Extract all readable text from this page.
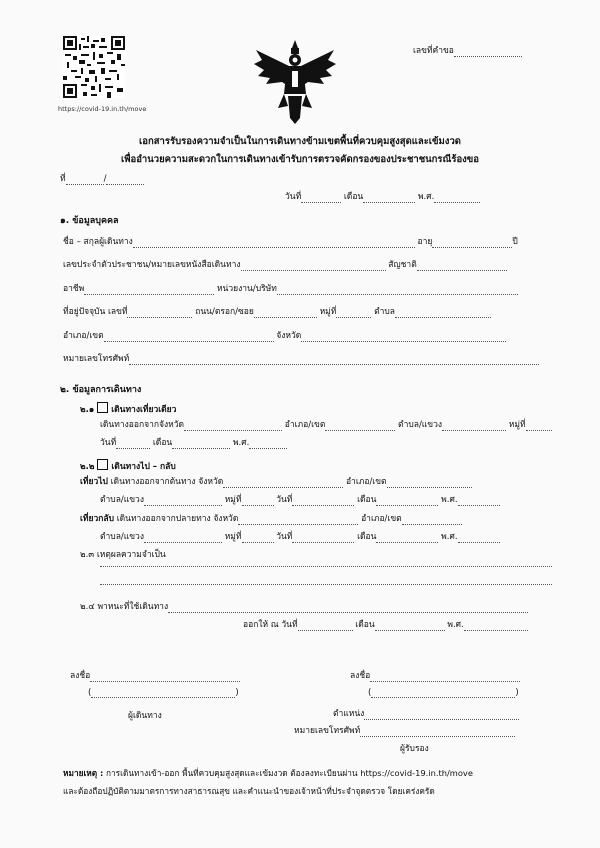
https://covid-19.in.th/move
เลขที่คำขอ
เอกสารรับรองความจำเป็นในการเดินทางข้ามเขตพื้นที่ควบคุมสูงสุดและเข้มงวด
เพื่ออำนวยความสะดวกในการเดินทางเข้ารับการตรวจคัดกรองของประชาชนกรณีร้องขอ
ที่	/
วันที่	เดือน	พ.ศ.
๑. ข้อมูลบุคคล
ชื่อ – สกุลผู้เดินทาง	อายุ	ปี
เลขประจำตัวประชาชน/หมายเลขหนังสือเดินทาง	สัญชาติ
อาชีพ	หน่วยงาน/บริษัท
ที่อยู่ปัจจุบัน เลขที่	ถนน/ตรอก/ซอย	หมู่ที่	ตำบล
อำเภอ/เขต	จังหวัด
หมายเลขโทรศัพท์
๒. ข้อมูลการเดินทาง
๒.๑ เดินทางเที่ยวเดียว
เดินทางออกจากจังหวัด	อำเภอ/เขต	ตำบล/แขวง	หมู่ที่
วันที่	เดือน	พ.ศ.
๒.๒ เดินทางไป – กลับ
เที่ยวไป เดินทางออกจากต้นทาง จังหวัด	อำเภอ/เขต
ตำบล/แขวง	หมู่ที่	วันที่	เดือน	พ.ศ.
เที่ยวกลับ เดินทางออกจากปลายทาง จังหวัด	อำเภอ/เขต
ตำบล/แขวง	หมู่ที่	วันที่	เดือน	พ.ศ.
๒.๓ เหตุผลความจำเป็น
๒.๔ พาหนะที่ใช้เดินทาง
ออกให้ ณ วันที่	เดือน	พ.ศ.
ลงชื่อ
(	)
ผู้เดินทาง
ลงชื่อ
(	)
ตำแหน่ง
หมายเลขโทรศัพท์
ผู้รับรอง
หมายเหตุ : การเดินทางเข้า-ออก พื้นที่ควบคุมสูงสุดและเข้มงวด ต้องลงทะเบียนผ่าน https://covid-19.in.th/move
และต้องถือปฏิบัติตามมาตรการทางสาธารณสุข และคำแนะนำของเจ้าหน้าที่ประจำจุดตรวจ โดยเคร่งครัด
